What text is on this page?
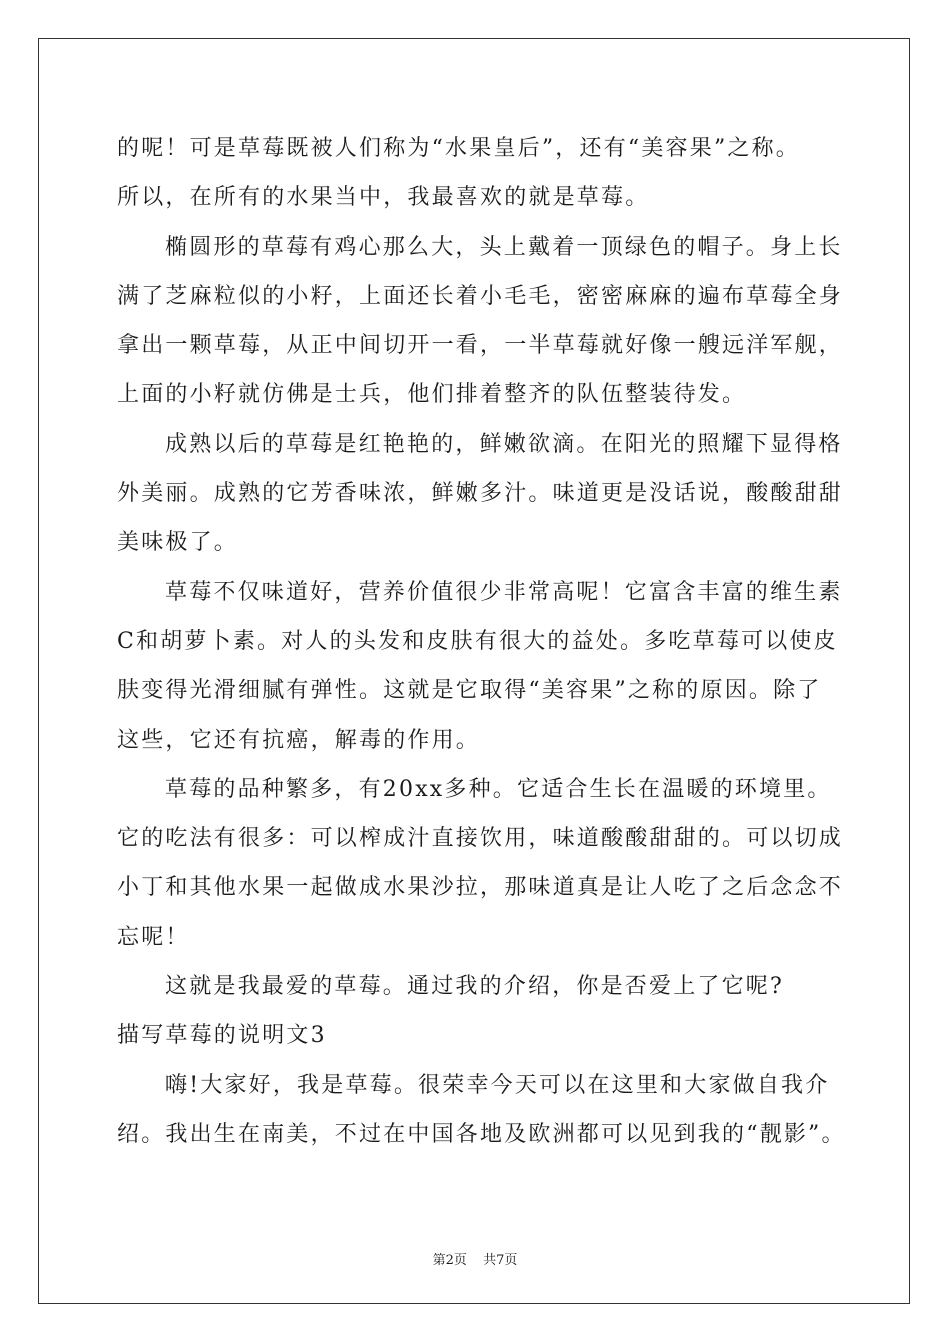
的呢！可是草莓既被人们称为“水果皇后”，还有“美容果”之称。
所以，在所有的水果当中，我最喜欢的就是草莓。
椭圆形的草莓有鸡心那么大，头上戴着一顶绿色的帽子。身上长
满了芝麻粒似的小籽，上面还长着小毛毛，密密麻麻的遍布草莓全身
拿出一颗草莓，从正中间切开一看，一半草莓就好像一艘远洋军舰，
上面的小籽就仿佛是士兵，他们排着整齐的队伍整装待发。
成熟以后的草莓是红艳艳的，鲜嫩欲滴。在阳光的照耀下显得格
外美丽。成熟的它芳香味浓，鲜嫩多汁。味道更是没话说，酸酸甜甜
美味极了。
草莓不仅味道好，营养价值很少非常高呢！它富含丰富的维生素
C和胡萝卜素。对人的头发和皮肤有很大的益处。多吃草莓可以使皮
肤变得光滑细腻有弹性。这就是它取得“美容果”之称的原因。除了
这些，它还有抗癌，解毒的作用。
草莓的品种繁多，有20xx多种。它适合生长在温暖的环境里。
它的吃法有很多：可以榨成汁直接饮用，味道酸酸甜甜的。可以切成
小丁和其他水果一起做成水果沙拉，那味道真是让人吃了之后念念不
忘呢！
这就是我最爱的草莓。通过我的介绍，你是否爱上了它呢?
描写草莓的说明文3
嗨!大家好，我是草莓。很荣幸今天可以在这里和大家做自我介
绍。我出生在南美，不过在中国各地及欧洲都可以见到我的“靓影”。
第2页 共7页
